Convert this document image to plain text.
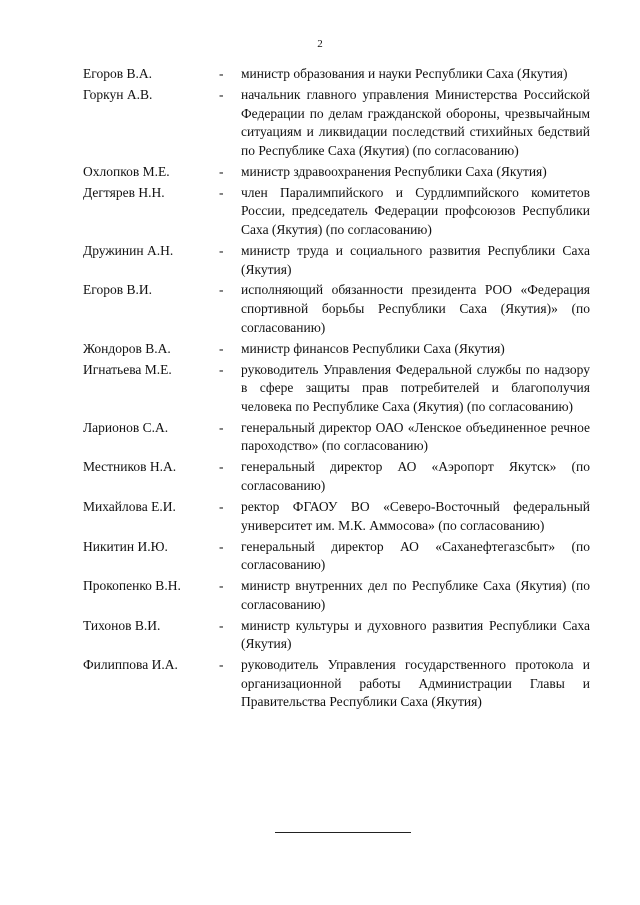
2
Егоров В.А.	-	министр образования и науки Республики Саха (Якутия)
Горкун А.В.	-	начальник главного управления Министерства Российской Федерации по делам гражданской обороны, чрезвычайным ситуациям и ликвидации последствий стихийных бедствий по Республике Саха (Якутия) (по согласованию)
Охлопков М.Е.	-	министр здравоохранения Республики Саха (Якутия)
Дегтярев Н.Н.	-	член Паралимпийского и Сурдлимпийского комитетов России, председатель Федерации профсоюзов Республики Саха (Якутия) (по согласованию)
Дружинин А.Н.	-	министр труда и социального развития Республики Саха (Якутия)
Егоров В.И.	-	исполняющий обязанности президента РОО «Федерация спортивной борьбы Республики Саха (Якутия)» (по согласованию)
Жондоров В.А.	-	министр финансов Республики Саха (Якутия)
Игнатьева М.Е.	-	руководитель Управления Федеральной службы по надзору в сфере защиты прав потребителей и благополучия человека по Республике Саха (Якутия) (по согласованию)
Ларионов С.А.	-	генеральный директор ОАО «Ленское объединенное речное пароходство» (по согласованию)
Местников Н.А.	-	генеральный директор АО «Аэропорт Якутск» (по согласованию)
Михайлова Е.И.	-	ректор ФГАОУ ВО «Северо-Восточный федеральный университет им. М.К. Аммосова» (по согласованию)
Никитин И.Ю.	-	генеральный директор АО «Саханефтегазсбыт» (по согласованию)
Прокопенко В.Н.	-	министр внутренних дел по Республике Саха (Якутия) (по согласованию)
Тихонов В.И.	-	министр культуры и духовного развития Республики Саха (Якутия)
Филиппова И.А.	-	руководитель Управления государственного протокола и организационной работы Администрации Главы и Правительства Республики Саха (Якутия)
